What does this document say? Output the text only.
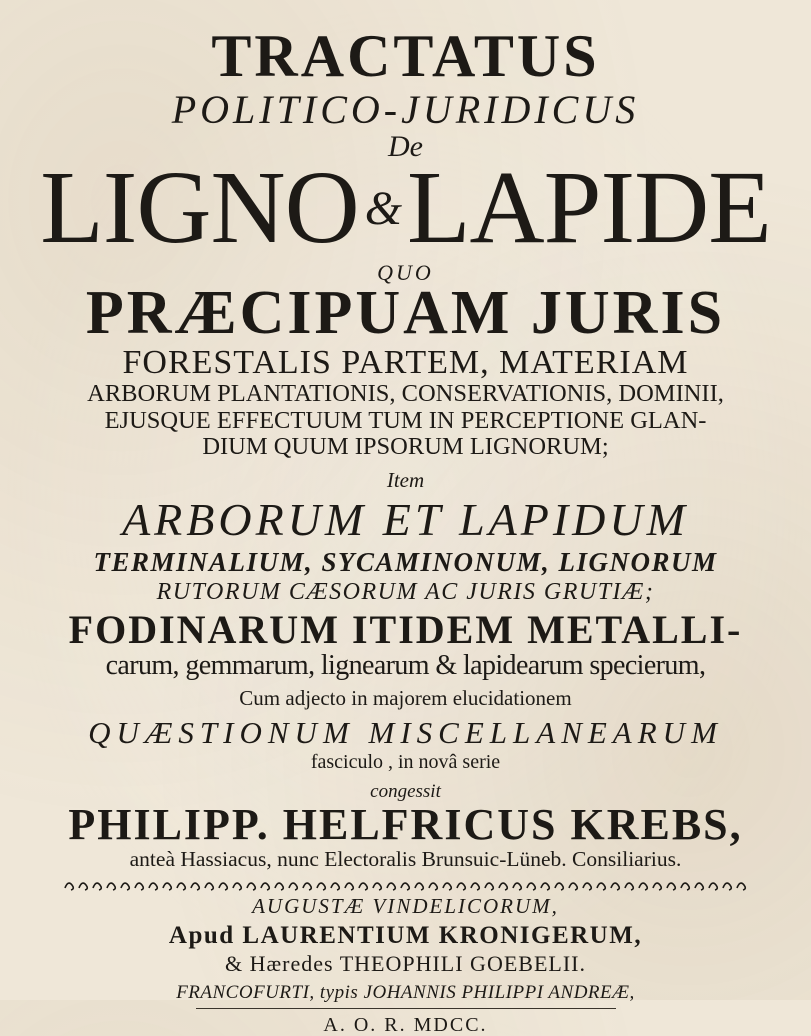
TRACTATUS
POLITICO-JURIDICUS
De
LIGNO &LAPIDE
QUO
PRÆCIPUAM JURIS
FORESTALIS PARTEM, MATERIAM
ARBORUM PLANTATIONIS, CONSERVATIONIS, DOMINII,
EJUSQUE EFFECTUUM TUM IN PERCEPTIONE GLAN-
DIUM QUUM IPSORUM LIGNORUM;
Item
ARBORUM ET LAPIDUM
TERMINALIUM, SYCAMINONUM, LIGNORUM
RUTORUM CÆSORUM AC JURIS GRUTIÆ;
FODINARUM ITIDEM METALLI-
carum, gemmarum, lignearum & lapidearum specierum,
Cum adjecto in majorem elucidationem
QUÆSTIONUM MISCELLANEARUM
fasciculo , in novâ serie
congessit
PHILIPP. HELFRICUS KREBS,
anteà Hassiacus, nunc Electoralis Brunsuic-Lüneb. Consiliarius.
AUGUSTÆ VINDELICORUM,
Apud LAURENTIUM KRONIGERUM,
& Hæredes THEOPHILI GOEBELII.
FRANCOFURTI, typis JOHANNIS PHILIPPI ANDREÆ,
A. O. R. MDCC.
